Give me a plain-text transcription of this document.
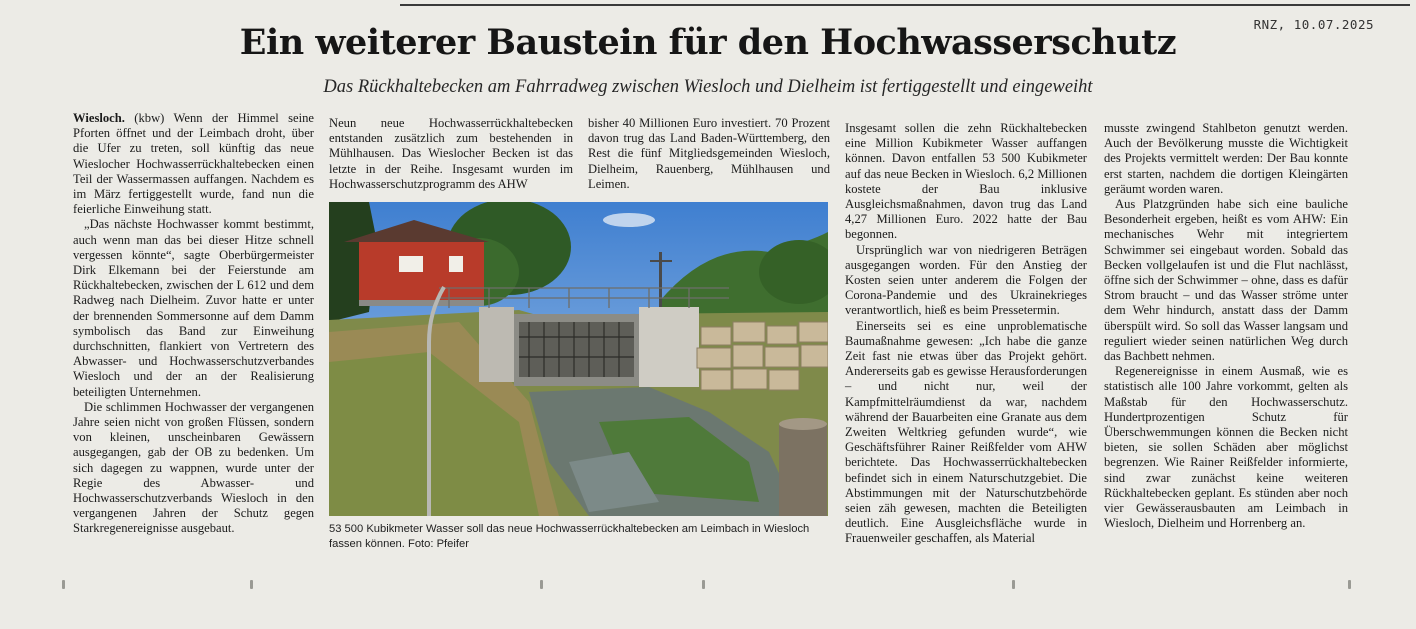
RNZ, 10.07.2025
Ein weiterer Baustein für den Hochwasserschutz
Das Rückhaltebecken am Fahrradweg zwischen Wiesloch und Dielheim ist fertiggestellt und eingeweiht

Wiesloch. (kbw) Wenn der Himmel seine Pforten öffnet und der Leimbach droht, über die Ufer zu treten, soll künftig das neue Wieslocher Hochwasserrückhaltebecken einen Teil der Wassermassen auffangen. Nachdem es im März fertiggestellt wurde, fand nun die feierliche Einweihung statt.

„Das nächste Hochwasser kommt bestimmt, auch wenn man das bei dieser Hitze schnell vergessen könnte“, sagte Oberbürgermeister Dirk Elkemann bei der Feierstunde am Rückhaltebecken, zwischen der L 612 und dem Radweg nach Dielheim. Zuvor hatte er unter der brennenden Sommersonne auf dem Damm symbolisch das Band zur Einweihung durchschnitten, flankiert von Vertretern des Abwasser- und Hochwasserschutzverbandes Wiesloch und der an der Realisierung beteiligten Unternehmen.

Die schlimmen Hochwasser der vergangenen Jahre seien nicht von großen Flüssen, sondern von kleinen, unscheinbaren Gewässern ausgegangen, gab der OB zu bedenken. Um sich dagegen zu wappnen, wurde unter der Regie des Abwasser- und Hochwasserschutzverbands Wiesloch in den vergangenen Jahren der Schutz gegen Starkregenereignisse ausgebaut.

Neun neue Hochwasserrückhaltebecken entstanden zusätzlich zum bestehenden in Mühlhausen. Das Wieslocher Becken ist das letzte in der Reihe. Insgesamt wurden im Hochwasserschutzprogramm des AHW

bisher 40 Millionen Euro investiert. 70 Prozent davon trug das Land Baden-Württemberg, den Rest die fünf Mitgliedsgemeinden Wiesloch, Dielheim, Rauenberg, Mühlhausen und Leimen.

53 500 Kubikmeter Wasser soll das neue Hochwasserrückhaltebecken am Leimbach in Wiesloch fassen können. Foto: Pfeifer

Insgesamt sollen die zehn Rückhaltebecken eine Million Kubikmeter Wasser auffangen können. Davon entfallen 53 500 Kubikmeter auf das neue Becken in Wiesloch. 6,2 Millionen kostete der Bau inklusive Ausgleichsmaßnahmen, davon trug das Land 4,27 Millionen Euro. 2022 hatte der Bau begonnen.

Ursprünglich war von niedrigeren Beträgen ausgegangen worden. Für den Anstieg der Kosten seien unter anderem die Folgen der Corona-Pandemie und des Ukrainekrieges verantwortlich, hieß es beim Pressetermin.

Einerseits sei es eine unproblematische Baumaßnahme gewesen: „Ich habe die ganze Zeit fast nie etwas über das Projekt gehört. Andererseits gab es gewisse Herausforderungen – und nicht nur, weil der Kampfmittelräumdienst da war, nachdem während der Bauarbeiten eine Granate aus dem Zweiten Weltkrieg gefunden wurde“, wie Geschäftsführer Rainer Reißfelder vom AHW berichtete. Das Hochwasserrückhaltebecken befindet sich in einem Naturschutzgebiet. Die Abstimmungen mit der Naturschutzbehörde seien zäh gewesen, machten die Beteiligten deutlich. Eine Ausgleichsfläche wurde in Frauenweiler geschaffen, als Material

musste zwingend Stahlbeton genutzt werden. Auch der Bevölkerung musste die Wichtigkeit des Projekts vermittelt werden: Der Bau konnte erst starten, nachdem die dortigen Kleingärten geräumt worden waren.

Aus Platzgründen habe sich eine bauliche Besonderheit ergeben, heißt es vom AHW: Ein mechanisches Wehr mit integriertem Schwimmer sei eingebaut worden. Sobald das Becken vollgelaufen ist und die Flut nachlässt, öffne sich der Schwimmer – ohne, dass es dafür Strom braucht – und das Wasser ströme unter dem Wehr hindurch, anstatt dass der Damm überspült wird. So soll das Wasser langsam und reguliert wieder seinen natürlichen Weg durch das Bachbett nehmen.

Regenereignisse in einem Ausmaß, wie es statistisch alle 100 Jahre vorkommt, gelten als Maßstab für den Hochwasserschutz. Hundertprozentigen Schutz für Überschwemmungen können die Becken nicht bieten, sie sollen Schäden aber möglichst begrenzen. Wie Rainer Reißfelder informierte, sind zwar zunächst keine weiteren Rückhaltebecken geplant. Es stünden aber noch vier Gewässerausbauten am Leimbach in Wiesloch, Dielheim und Horrenberg an.
